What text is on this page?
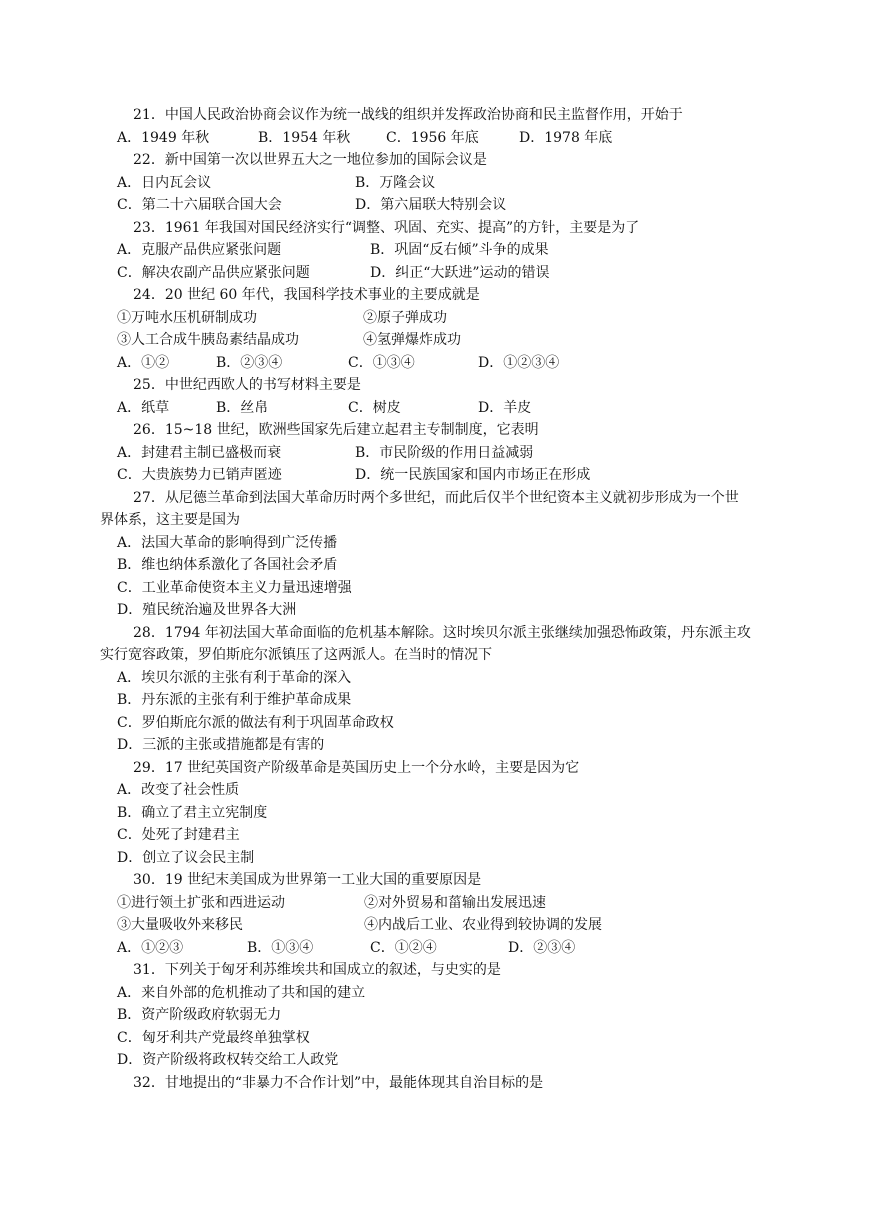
21．中国人民政治协商会议作为统一战线的组织并发挥政治协商和民主监督作用，开始于
A．1949 年秋	B．1954 年秋	C．1956 年底	D．1978 年底
22．新中国第一次以世界五大之一地位参加的国际会议是
A．日内瓦会议	B．万隆会议
C．第二十六届联合国大会	D．第六届联大特别会议
23．1961 年我国对国民经济实行“调整、巩固、充实、提高”的方针，主要是为了
A．克服产品供应紧张问题	B．巩固“反右倾”斗争的成果
C．解决农副产品供应紧张问题	D．纠正“大跃进”运动的错误
24．20 世纪 60 年代，我国科学技术事业的主要成就是
①万吨水压机研制成功	②原子弹成功
③人工合成牛胰岛素结晶成功	④氢弹爆炸成功
A．①②	B．②③④	C．①③④	D．①②③④
25．中世纪西欧人的书写材料主要是
A．纸草	B．丝帛	C．树皮	D．羊皮
26．15~18 世纪，欧洲些国家先后建立起君主专制制度，它表明
A．封建君主制已盛极而衰	B．市民阶级的作用日益减弱
C．大贵族势力已销声匿迹	D．统一民族国家和国内市场正在形成
27．从尼德兰革命到法国大革命历时两个多世纪，而此后仅半个世纪资本主义就初步形成为一个世
界体系，这主要是国为
A．法国大革命的影响得到广泛传播
B．维也纳体系激化了各国社会矛盾
C．工业革命使资本主义力量迅速增强
D．殖民统治遍及世界各大洲
28．1794 年初法国大革命面临的危机基本解除。这时埃贝尔派主张继续加强恐怖政策，丹东派主攻
实行宽容政策，罗伯斯庇尔派镇压了这两派人。在当时的情况下
A．埃贝尔派的主张有利于革命的深入
B．丹东派的主张有利于维护革命成果
C．罗伯斯庇尔派的做法有利于巩固革命政权
D．三派的主张或措施都是有害的
29．17 世纪英国资产阶级革命是英国历史上一个分水岭，主要是因为它
A．改变了社会性质
B．确立了君主立宪制度
C．处死了封建君主
D．创立了议会民主制
30．19 世纪末美国成为世界第一工业大国的重要原因是
①进行领土扩张和西进运动	②对外贸易和菑输出发展迅速
③大量吸收外来移民	④内战后工业、农业得到较协调的发展
A．①②③	B．①③④	C．①②④	D．②③④
31．下列关于匈牙利苏维埃共和国成立的叙述，与史实的是
A．来自外部的危机推动了共和国的建立
B．资产阶级政府软弱无力
C．匈牙利共产党最终单独掌权
D．资产阶级将政权转交给工人政党
32．甘地提出的“非暴力不合作计划”中，最能体现其自治目标的是
